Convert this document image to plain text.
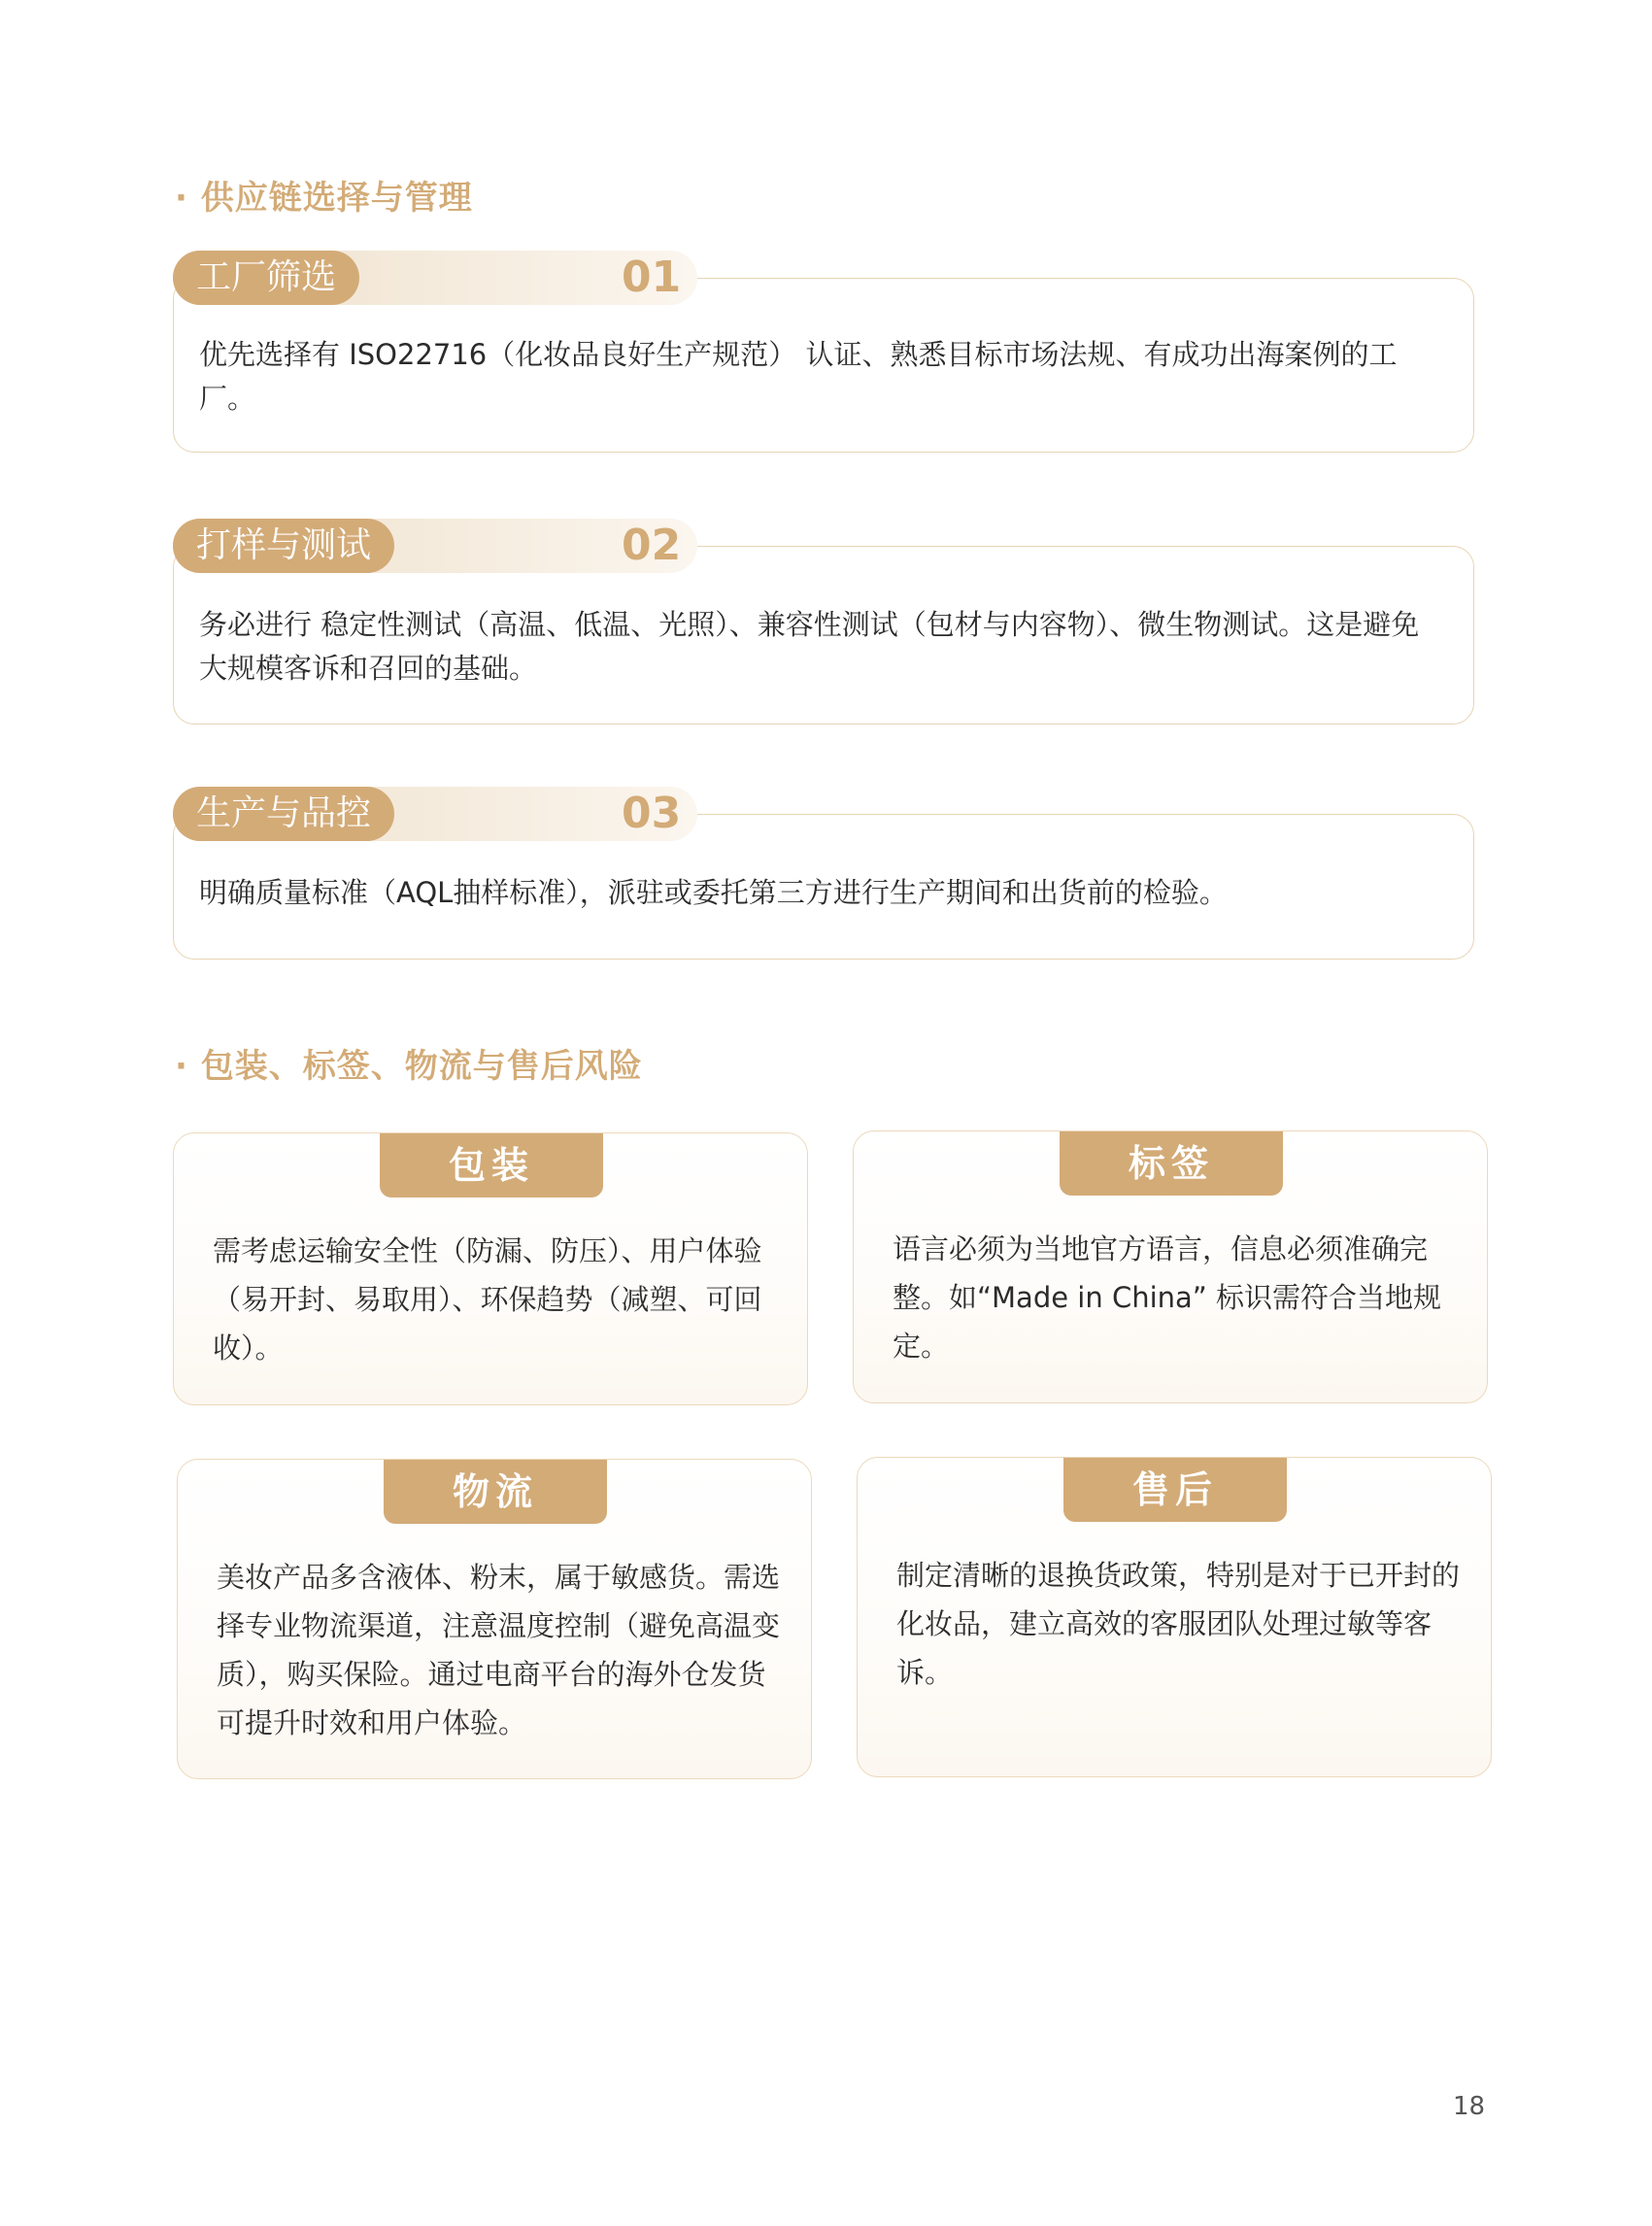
· 供应链选择与管理
优先选择有 ISO22716（化妆品良好生产规范） 认证、熟悉目标市场法规、有成功出海案例的工厂。
工厂筛选	01
务必进行 稳定性测试（高温、低温、光照）、兼容性测试（包材与内容物）、微生物测试。这是避免大规模客诉和召回的基础。
打样与测试	02
明确质量标准（AQL抽样标准），派驻或委托第三方进行生产期间和出货前的检验。
生产与品控	03
· 包装、标签、物流与售后风险
包装
需考虑运输安全性（防漏、防压）、用户体验（易开封、易取用）、环保趋势（减塑、可回收）。
标签
语言必须为当地官方语言，信息必须准确完整。如“Made in China” 标识需符合当地规定。
物流
美妆产品多含液体、粉末，属于敏感货。需选择专业物流渠道，注意温度控制（避免高温变质），购买保险。通过电商平台的海外仓发货可提升时效和用户体验。
售后
制定清晰的退换货政策，特别是对于已开封的化妆品，建立高效的客服团队处理过敏等客诉。
18
